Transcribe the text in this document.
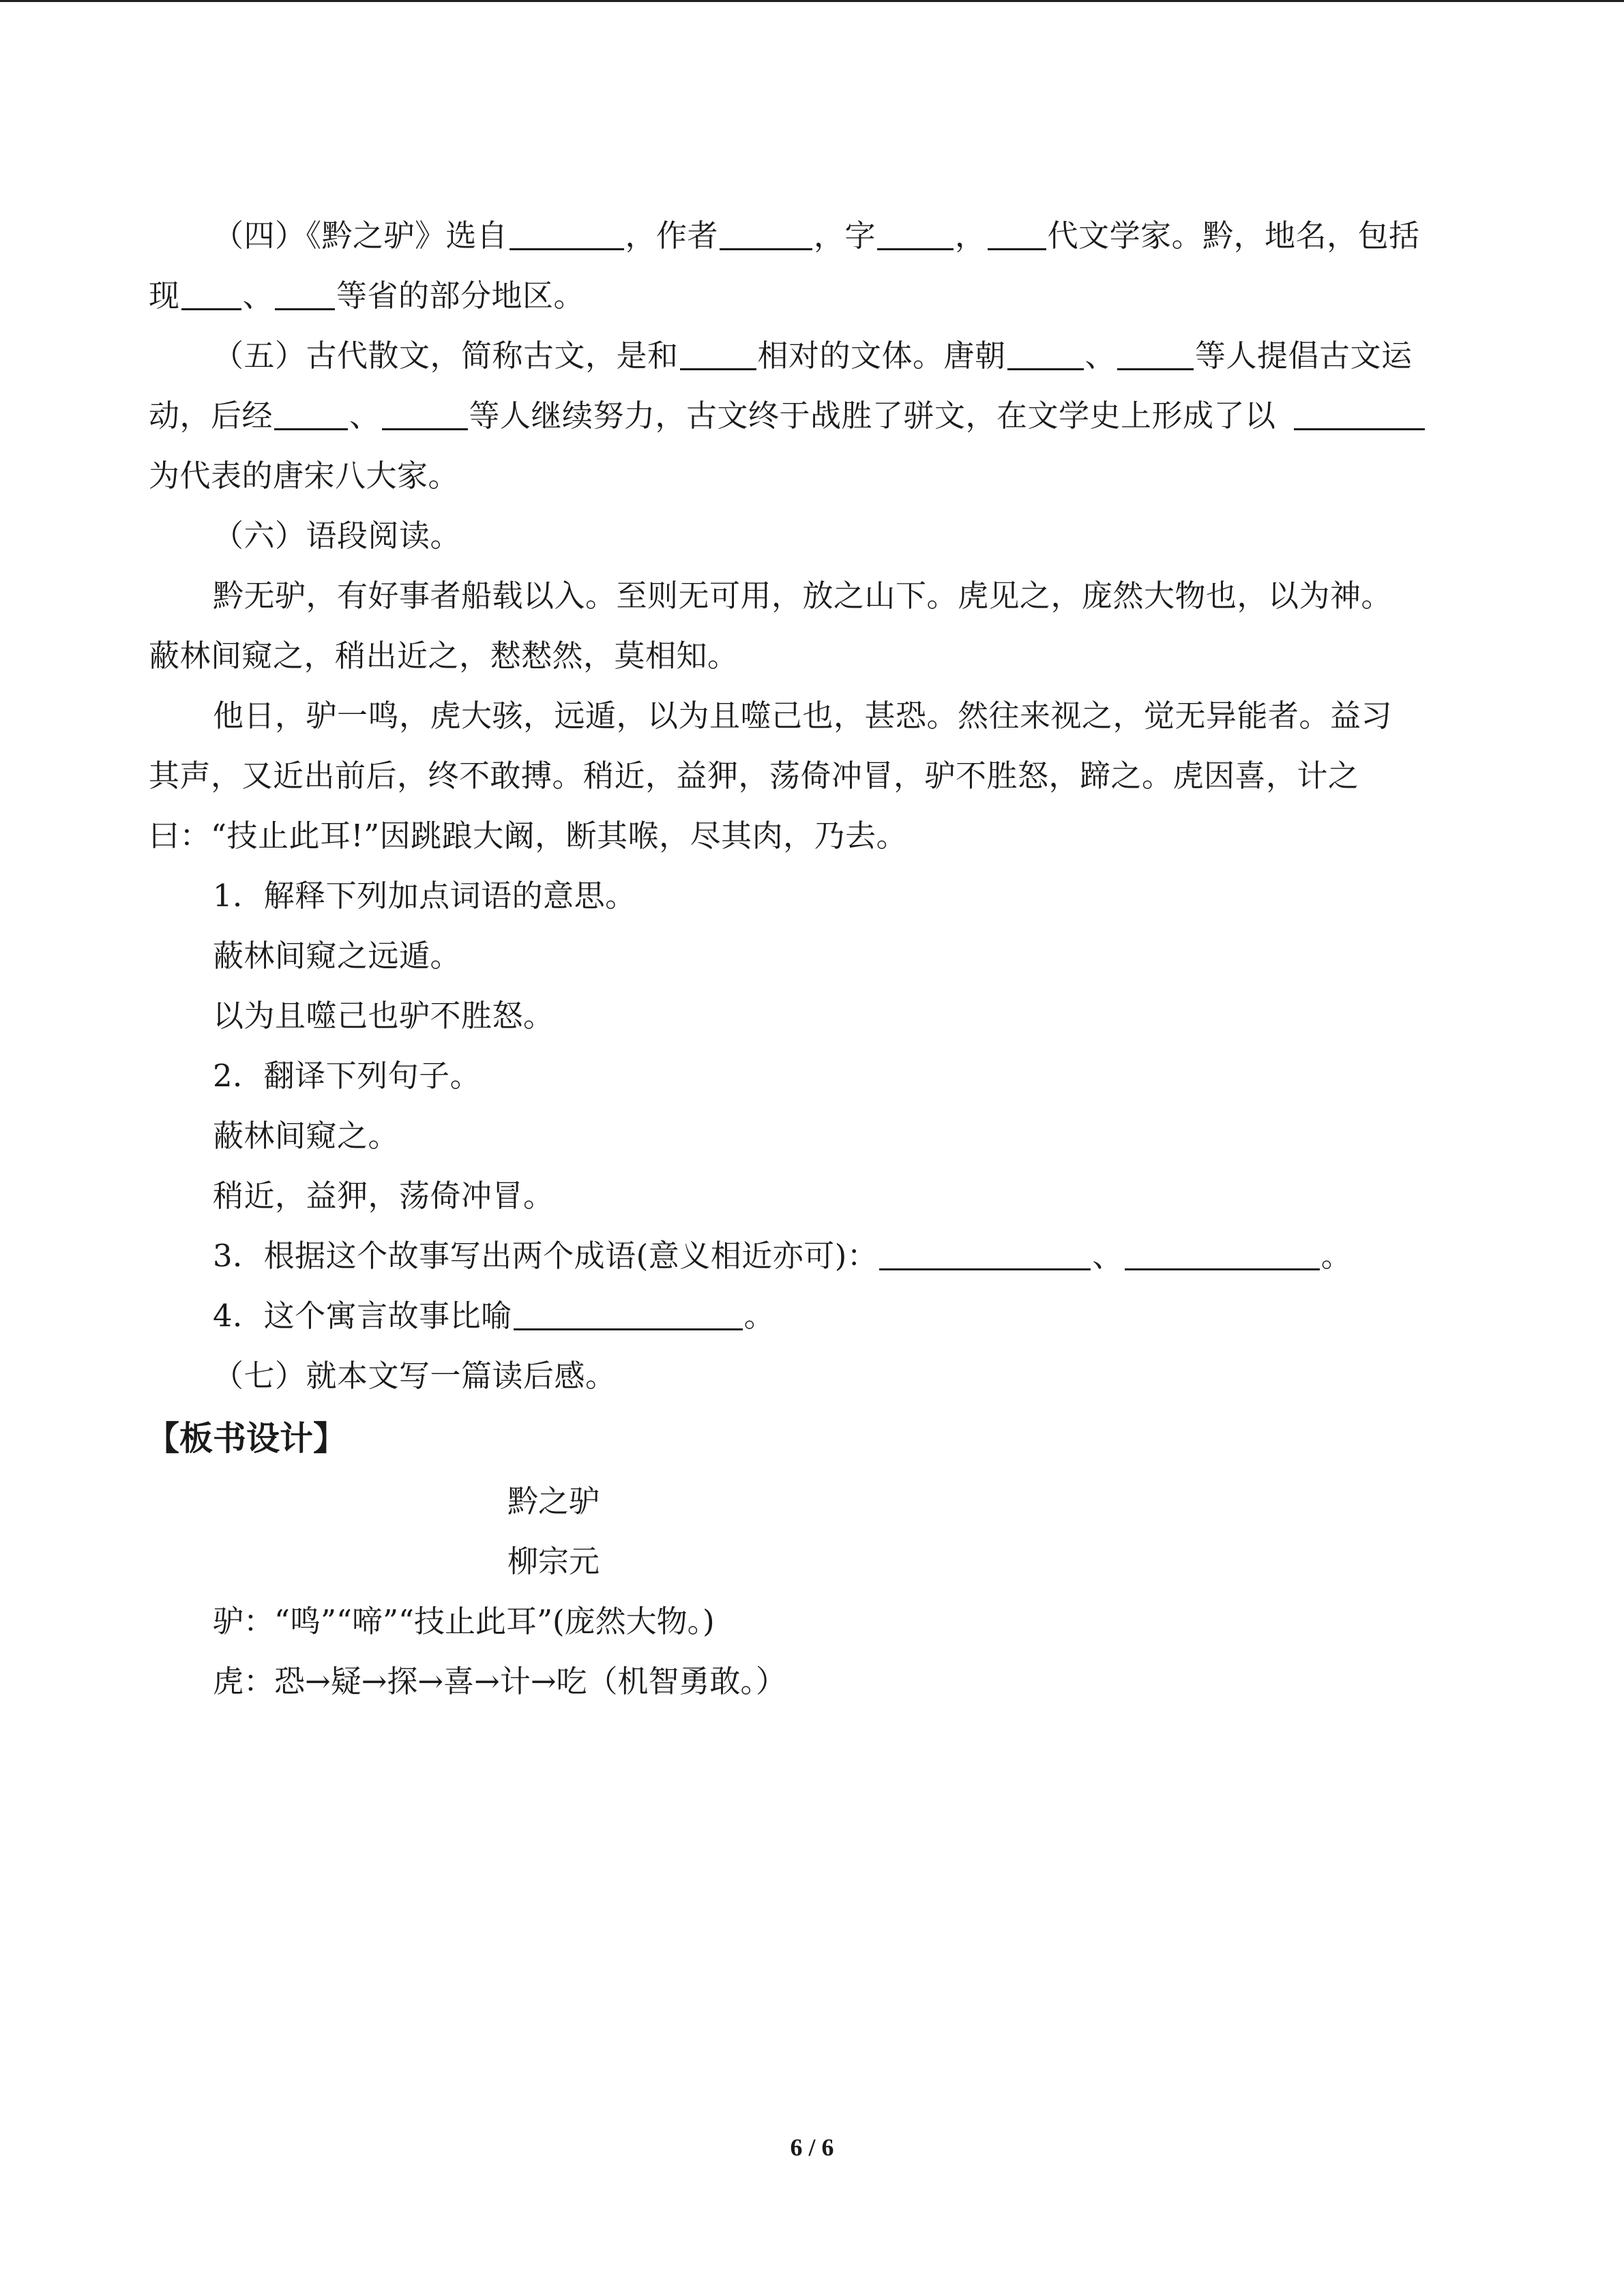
（四）《黔之驴》选自	，作者	，字	， 代文学家。黔，地名，包括
现 、 等省的部分地区。
（五）古代散文，简称古文，是和	相对的文体。唐朝	、	等人提倡古文运
动，后经 、	等人继续努力，古文终于战胜了骈文，在文学史上形成了以
为代表的唐宋八大家。
（六）语段阅读。
黔无驴，有好事者船载以入。至则无可用，放之山下。虎见之，庞然大物也，以为神。
蔽林间窥之，稍出近之，慭慭然，莫相知。
他日，驴一鸣，虎大骇，远遁，以为且噬己也，甚恐。然往来视之，觉无异能者。益习
其声，又近出前后，终不敢搏。稍近，益狎，荡倚冲冒，驴不胜怒，蹄之。虎因喜，计之
曰：“技止此耳!”因跳踉大阚，断其喉，尽其肉，乃去。
1．解释下列加点词语的意思。
蔽林间窥之远遁。
以为且噬己也驴不胜怒。
2．翻译下列句子。
蔽林间窥之。
稍近，益狎，荡倚冲冒。
3．根据这个故事写出两个成语(意义相近亦可)：	、	。
4．这个寓言故事比喻	。
（七）就本文写一篇读后感。
【板书设计】
黔之驴
柳宗元
驴：“鸣”“啼”“技止此耳”(庞然大物。)
虎：恐→疑→探→喜→计→吃（机智勇敢。）
6 / 6
